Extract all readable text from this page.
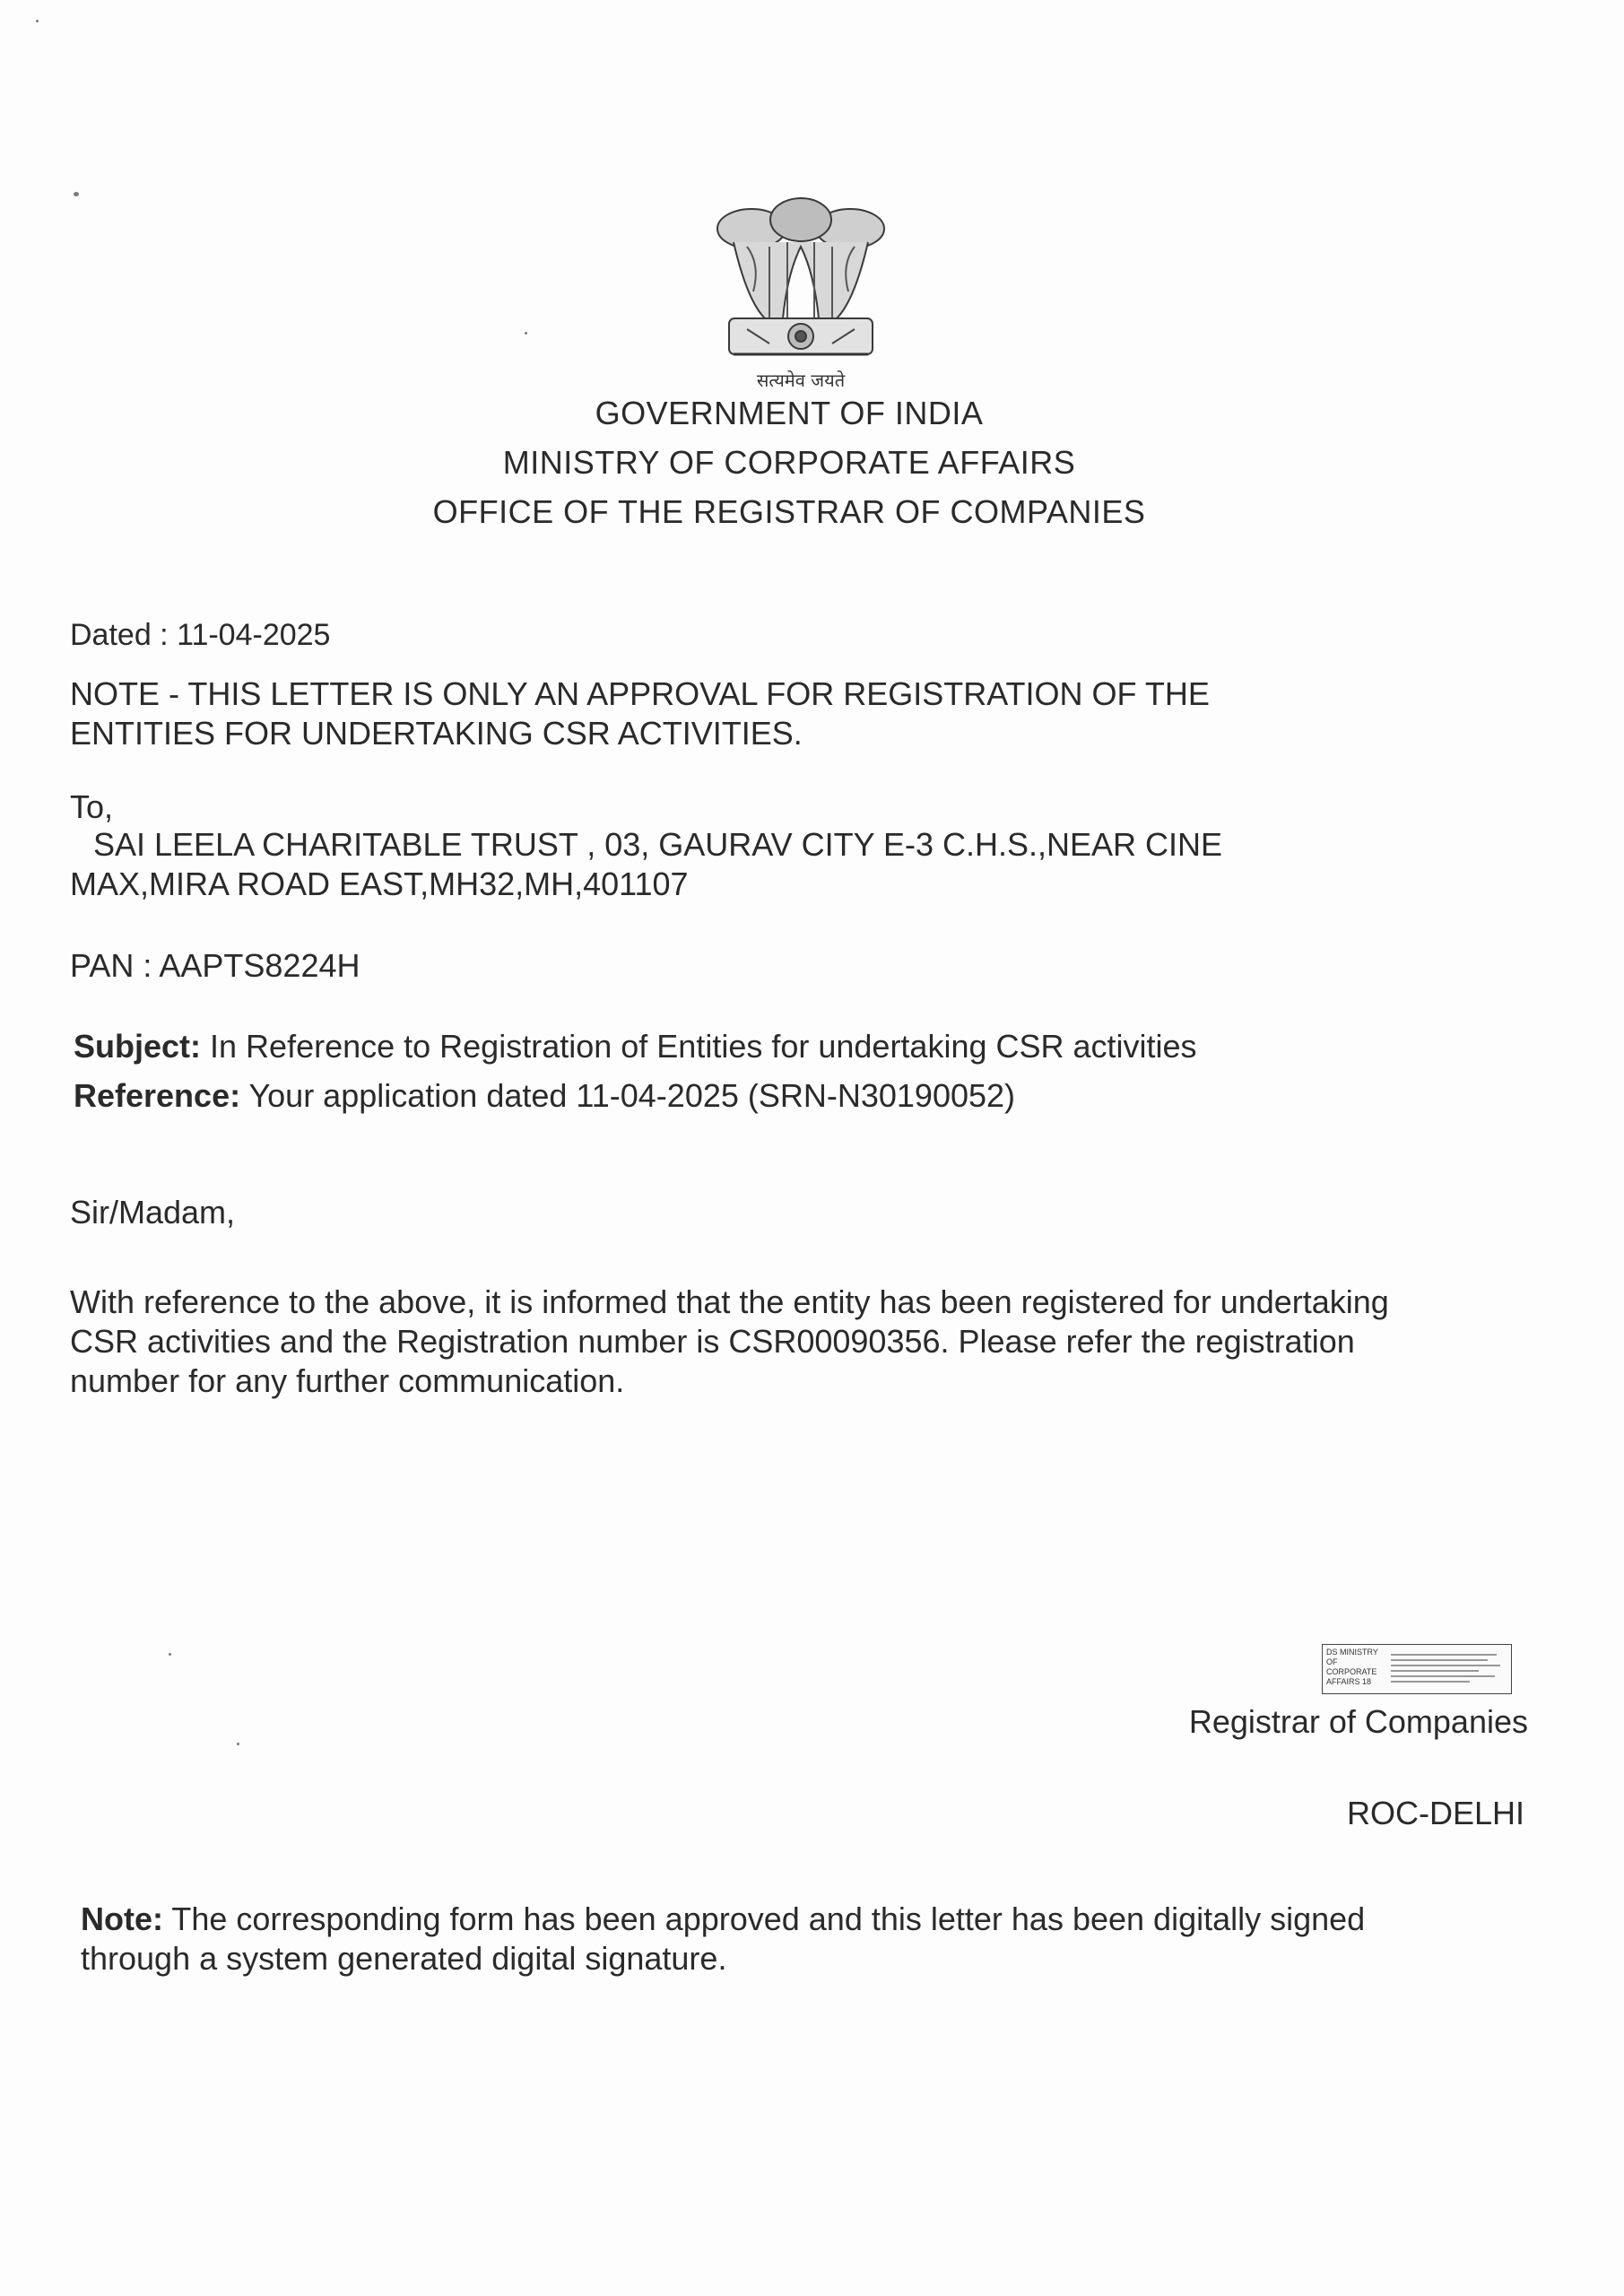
सत्यमेव जयते
GOVERNMENT OF INDIA
MINISTRY OF CORPORATE AFFAIRS
OFFICE OF THE REGISTRAR OF COMPANIES
Dated : 11-04-2025
NOTE - THIS LETTER IS ONLY AN APPROVAL FOR REGISTRATION OF THE
ENTITIES FOR UNDERTAKING CSR ACTIVITIES.
To,
SAI LEELA CHARITABLE TRUST , 03, GAURAV CITY E-3 C.H.S.,NEAR CINE
MAX,MIRA ROAD EAST,MH32,MH,401107
PAN : AAPTS8224H
Subject: In Reference to Registration of Entities for undertaking CSR activities
Reference: Your application dated 11-04-2025 (SRN-N30190052)
Sir/Madam,
With reference to the above, it is informed that the entity has been registered for undertaking
CSR activities and the Registration number is CSR00090356. Please refer the registration
number for any further communication.
DS MINISTRY OF
CORPORATE
AFFAIRS 18
Registrar of Companies
ROC-DELHI
Note: The corresponding form has been approved and this letter has been digitally signed
through a system generated digital signature.
